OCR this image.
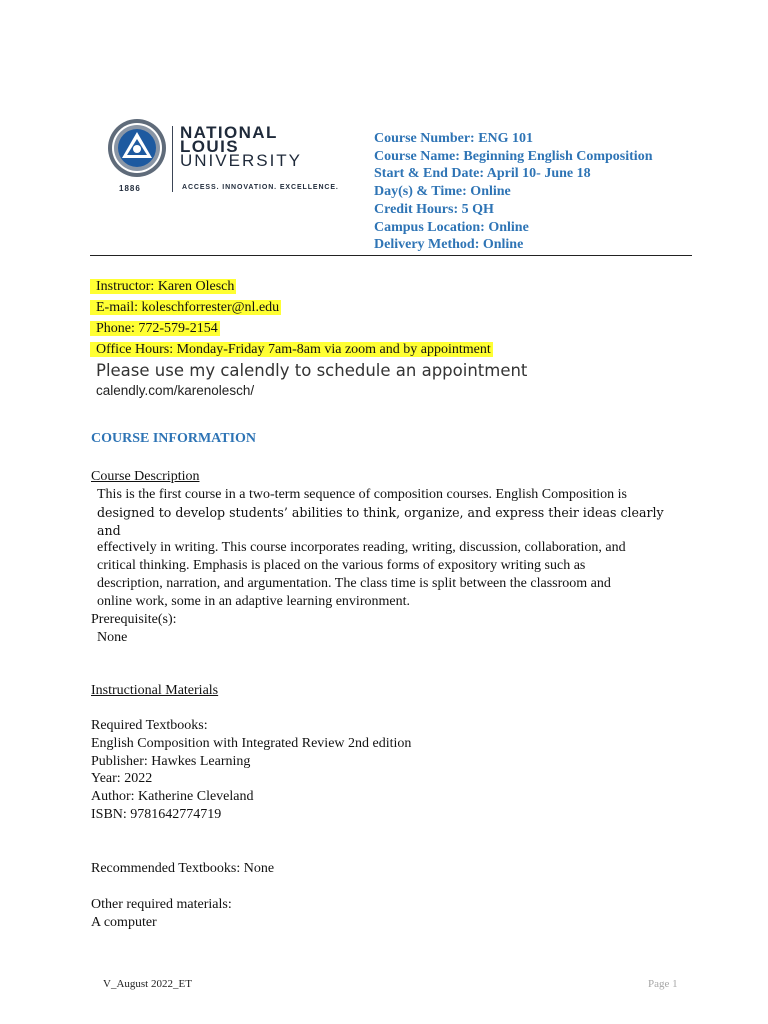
1886
NATIONAL
LOUIS
UNIVERSITY
ACCESS. INNOVATION. EXCELLENCE.
Course Number: ENG 101
Course Name: Beginning English Composition
Start & End Date: April 10- June 18
Day(s) & Time: Online
Credit Hours: 5 QH
Campus Location: Online
Delivery Method: Online
Instructor: Karen Olesch
E-mail: koleschforrester@nl.edu
Phone: 772-579-2154
Office Hours: Monday-Friday 7am-8am via zoom and by appointment
Please use my calendly to schedule an appointment
calendly.com/karenolesch/
COURSE INFORMATION
Course Description
This is the first course in a two-term sequence of composition courses. English Composition is
designed to develop students’ abilities to think, organize, and express their ideas clearly and
effectively in writing. This course incorporates reading, writing, discussion, collaboration, and
critical thinking. Emphasis is placed on the various forms of expository writing such as
description, narration, and argumentation. The class time is split between the classroom and
online work, some in an adaptive learning environment.
Prerequisite(s):
None
Instructional Materials
Required Textbooks:
English Composition with Integrated Review 2nd edition
Publisher: Hawkes Learning
Year: 2022
Author: Katherine Cleveland
ISBN: 9781642774719
Recommended Textbooks: None
Other required materials:
A computer
V_August 2022_ET	Page 1
